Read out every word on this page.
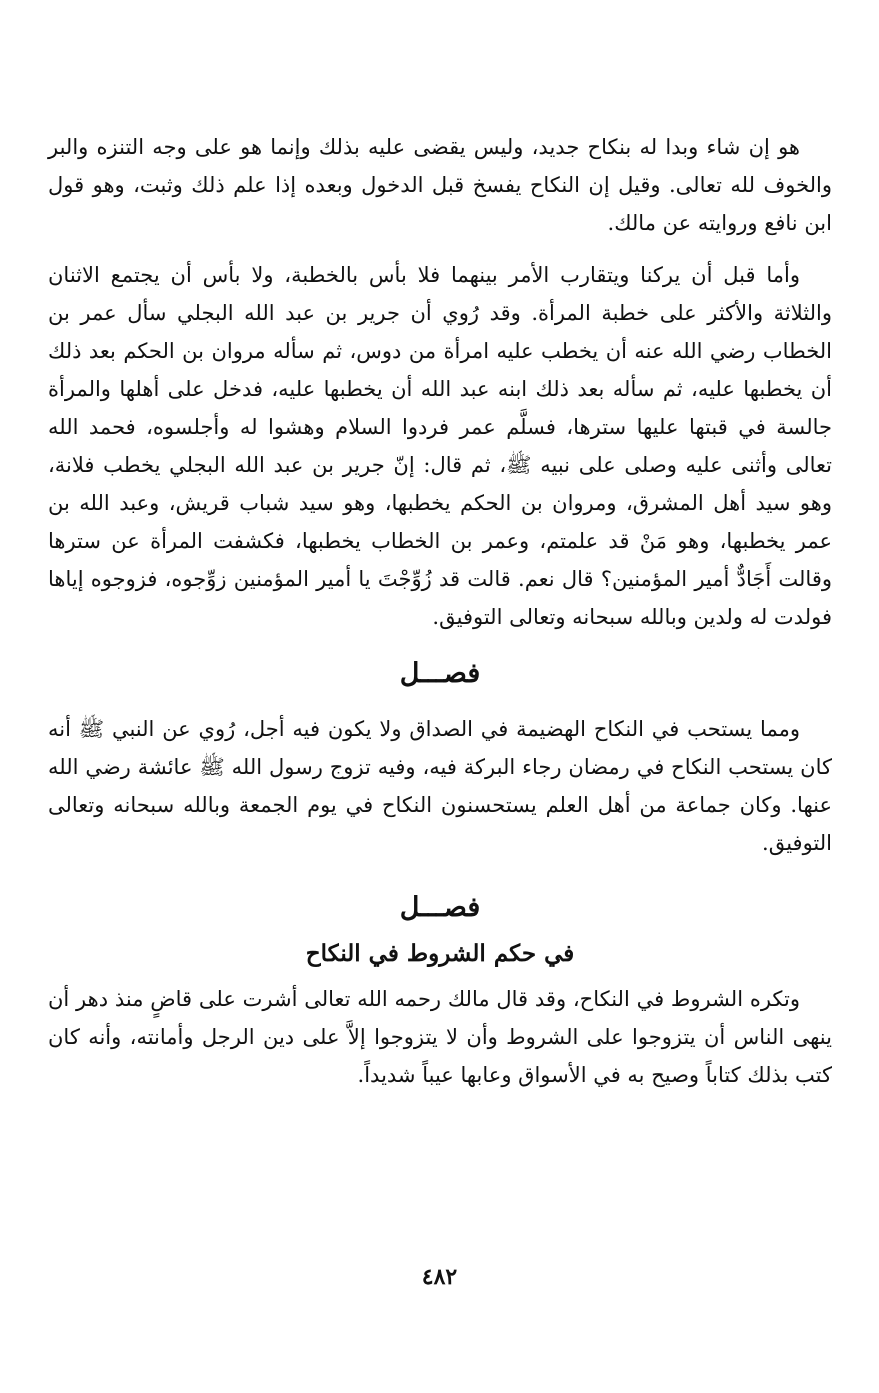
هو إن شاء وبدا له بنكاح جديد، وليس يقضى عليه بذلك وإنما هو على وجه التنزه والبر والخوف لله تعالى. وقيل إن النكاح يفسخ قبل الدخول وبعده إذا علم ذلك وثبت، وهو قول ابن نافع وروايته عن مالك.

وأما قبل أن يركنا ويتقارب الأمر بينهما فلا بأس بالخطبة، ولا بأس أن يجتمع الاثنان والثلاثة والأكثر على خطبة المرأة. وقد رُوي أن جرير بن عبد الله البجلي سأل عمر بن الخطاب رضي الله عنه أن يخطب عليه امرأة من دوس، ثم سأله مروان بن الحكم بعد ذلك أن يخطبها عليه، ثم سأله بعد ذلك ابنه عبد الله أن يخطبها عليه، فدخل على أهلها والمرأة جالسة في قبتها عليها سترها، فسلَّم عمر فردوا السلام وهشوا له وأجلسوه، فحمد الله تعالى وأثنى عليه وصلى على نبيه ﷺ، ثم قال: إنّ جرير بن عبد الله البجلي يخطب فلانة، وهو سيد أهل المشرق، ومروان بن الحكم يخطبها، وهو سيد شباب قريش، وعبد الله بن عمر يخطبها، وهو مَنْ قد علمتم، وعمر بن الخطاب يخطبها، فكشفت المرأة عن سترها وقالت أَجَادٌّ أمير المؤمنين؟ قال نعم. قالت قد زُوِّجْتَ يا أمير المؤمنين زوِّجوه، فزوجوه إياها فولدت له ولدين وبالله سبحانه وتعالى التوفيق.

فصـــل

ومما يستحب في النكاح الهضيمة في الصداق ولا يكون فيه أجل، رُوي عن النبي ﷺ أنه كان يستحب النكاح في رمضان رجاء البركة فيه، وفيه تزوج رسول الله ﷺ عائشة رضي الله عنها. وكان جماعة من أهل العلم يستحسنون النكاح في يوم الجمعة وبالله سبحانه وتعالى التوفيق.

فصـــل
في حكم الشروط في النكاح

وتكره الشروط في النكاح، وقد قال مالك رحمه الله تعالى أشرت على قاضٍ منذ دهر أن ينهى الناس أن يتزوجوا على الشروط وأن لا يتزوجوا إلاَّ على دين الرجل وأمانته، وأنه كان كتب بذلك كتاباً وصيح به في الأسواق وعابها عيباً شديداً.

٤٨٢
